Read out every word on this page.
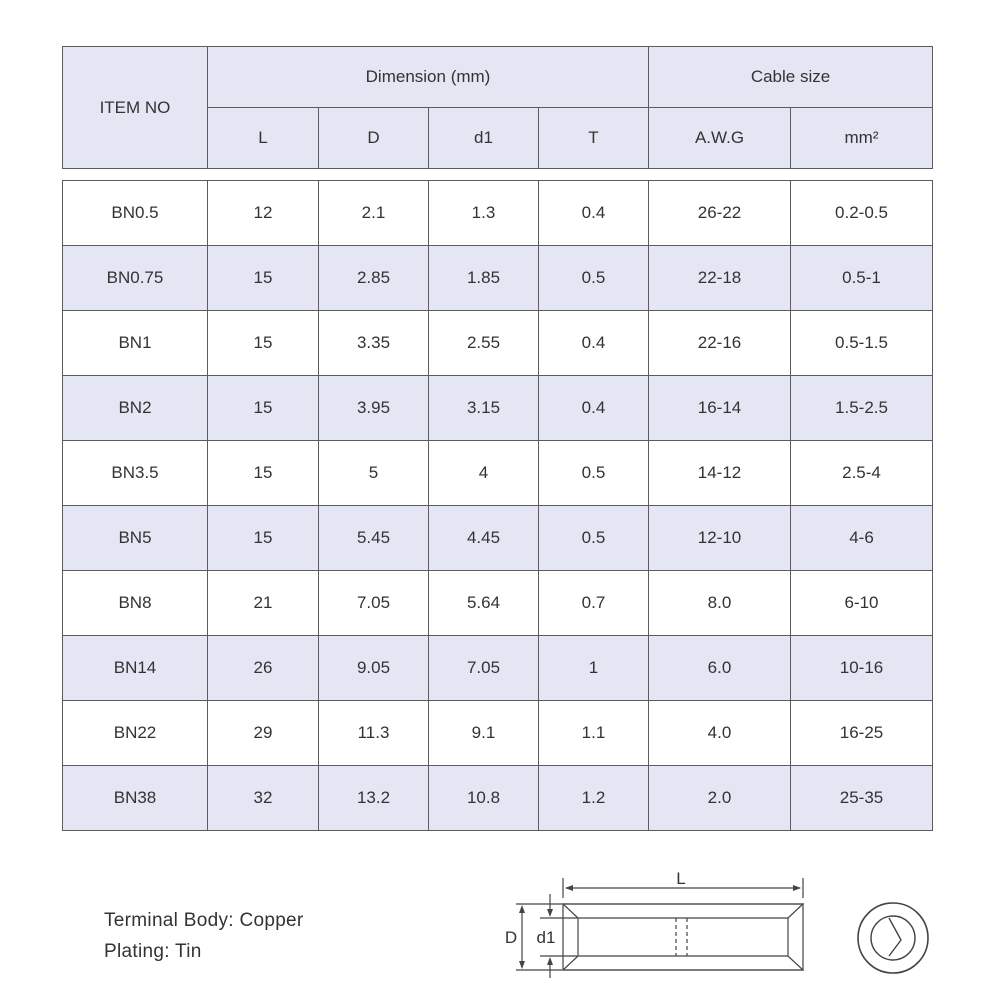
ITEM NO	Dimension (mm)				Cable size	
	L	D	d1	T	A.W.G	mm²
BN0.5	12	2.1	1.3	0.4	26-22	0.2-0.5
BN0.75	15	2.85	1.85	0.5	22-18	0.5-1
BN1	15	3.35	2.55	0.4	22-16	0.5-1.5
BN2	15	3.95	3.15	0.4	16-14	1.5-2.5
BN3.5	15	5	4	0.5	14-12	2.5-4
BN5	15	5.45	4.45	0.5	12-10	4-6
BN8	21	7.05	5.64	0.7	8.0	6-10
BN14	26	9.05	7.05	1	6.0	10-16
BN22	29	11.3	9.1	1.1	4.0	16-25
BN38	32	13.2	10.8	1.2	2.0	25-35
Terminal Body: Copper
Plating: Tin
L
D d1
